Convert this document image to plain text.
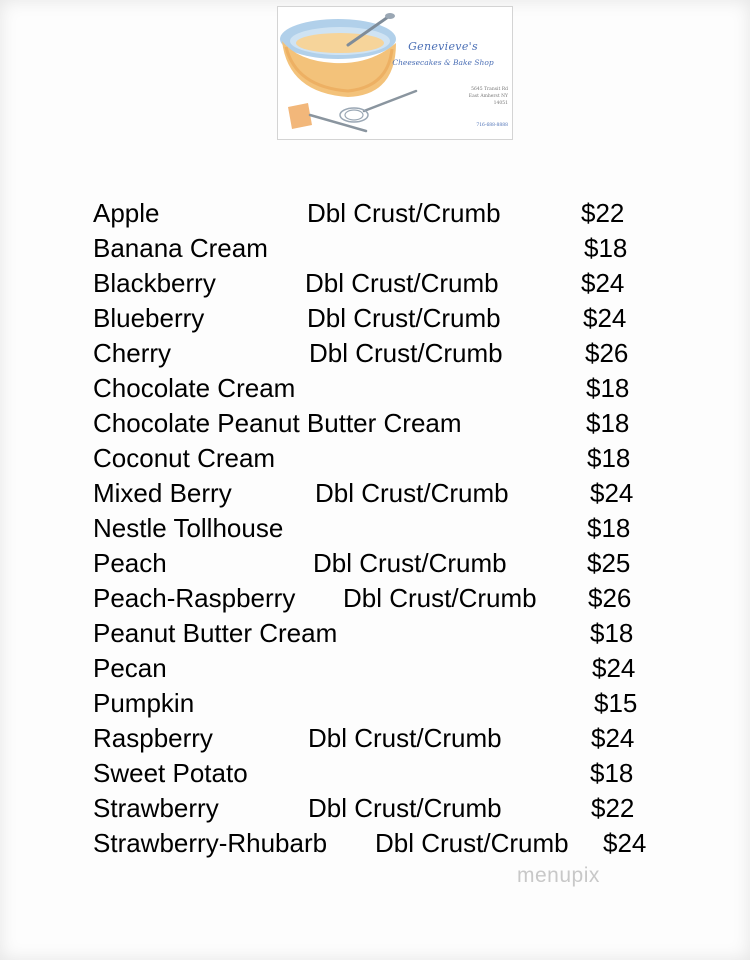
Genevieve's
Cheesecakes & Bake Shop
5645 Transit Rd
East Amherst NY
14051
716-688-8888
Apple	Dbl Crust/Crumb	$22
Banana Cream	$18
Blackberry	Dbl Crust/Crumb	$24
Blueberry	Dbl Crust/Crumb	$24
Cherry	Dbl Crust/Crumb	$26
Chocolate Cream	$18
Chocolate Peanut Butter Cream	$18
Coconut Cream	$18
Mixed Berry	Dbl Crust/Crumb	$24
Nestle Tollhouse	$18
Peach	Dbl Crust/Crumb	$25
Peach-Raspberry Dbl Crust/Crumb $26
Peanut Butter Cream	$18
Pecan	$24
Pumpkin	$15
Raspberry	Dbl Crust/Crumb	$24
Sweet Potato	$18
Strawberry	Dbl Crust/Crumb	$22
Strawberry-Rhubarb Dbl Crust/Crumb $24
menupix
